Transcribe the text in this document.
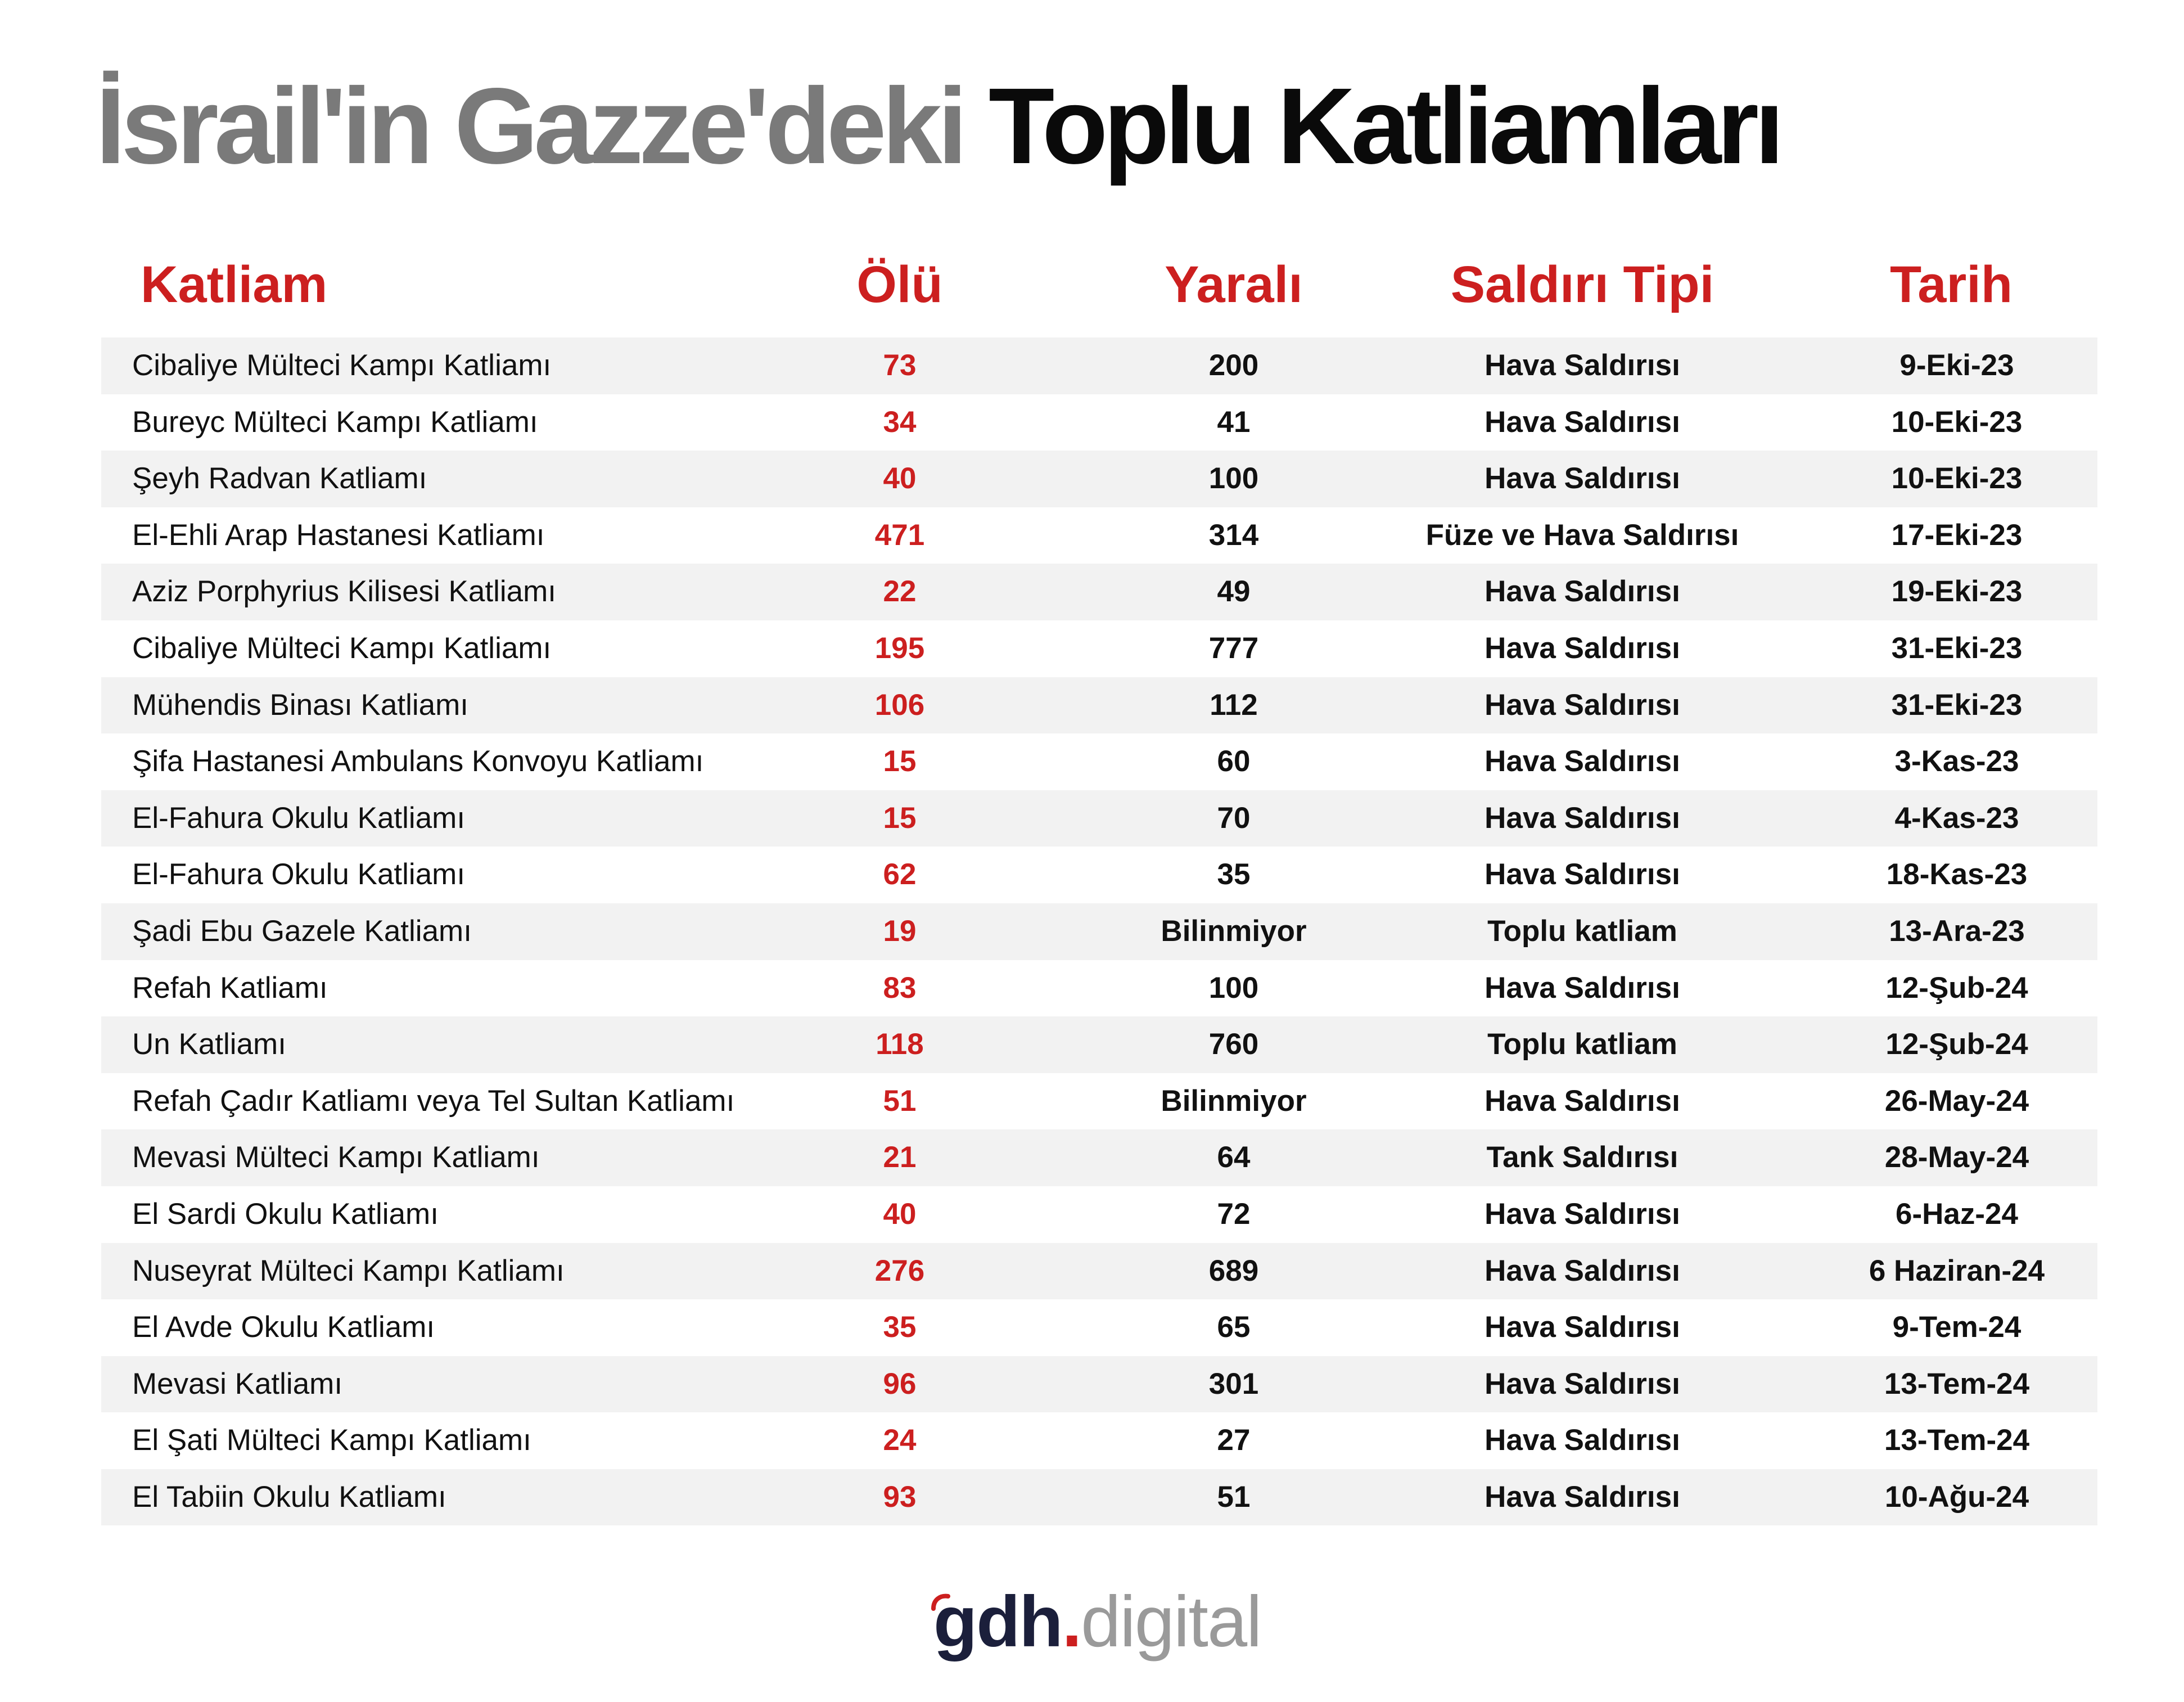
İsrail'in Gazze'deki Toplu Katliamları
Katliam	Ölü	Yaralı	Saldırı Tipi	Tarih
Cibaliye Mülteci Kampı Katliamı	73	200	Hava Saldırısı	9-Eki-23
Bureyc Mülteci Kampı Katliamı	34	41	Hava Saldırısı	10-Eki-23
Şeyh Radvan Katliamı	40	100	Hava Saldırısı	10-Eki-23
El-Ehli Arap Hastanesi Katliamı	471	314	Füze ve Hava Saldırısı	17-Eki-23
Aziz Porphyrius Kilisesi Katliamı	22	49	Hava Saldırısı	19-Eki-23
Cibaliye Mülteci Kampı Katliamı	195	777	Hava Saldırısı	31-Eki-23
Mühendis Binası Katliamı	106	112	Hava Saldırısı	31-Eki-23
Şifa Hastanesi Ambulans Konvoyu Katliamı	15	60	Hava Saldırısı	3-Kas-23
El-Fahura Okulu Katliamı	15	70	Hava Saldırısı	4-Kas-23
El-Fahura Okulu Katliamı	62	35	Hava Saldırısı	18-Kas-23
Şadi Ebu Gazele Katliamı	19	Bilinmiyor	Toplu katliam	13-Ara-23
Refah Katliamı	83	100	Hava Saldırısı	12-Şub-24
Un Katliamı	118	760	Toplu katliam	12-Şub-24
Refah Çadır Katliamı veya Tel Sultan Katliamı	51	Bilinmiyor	Hava Saldırısı	26-May-24
Mevasi Mülteci Kampı Katliamı	21	64	Tank Saldırısı	28-May-24
El Sardi Okulu Katliamı	40	72	Hava Saldırısı	6-Haz-24
Nuseyrat Mülteci Kampı Katliamı	276	689	Hava Saldırısı	6 Haziran-24
El Avde Okulu Katliamı	35	65	Hava Saldırısı	9-Tem-24
Mevasi Katliamı	96	301	Hava Saldırısı	13-Tem-24
El Şati Mülteci Kampı Katliamı	24	27	Hava Saldırısı	13-Tem-24
El Tabiin Okulu Katliamı	93	51	Hava Saldırısı	10-Ağu-24
gdh.digital
